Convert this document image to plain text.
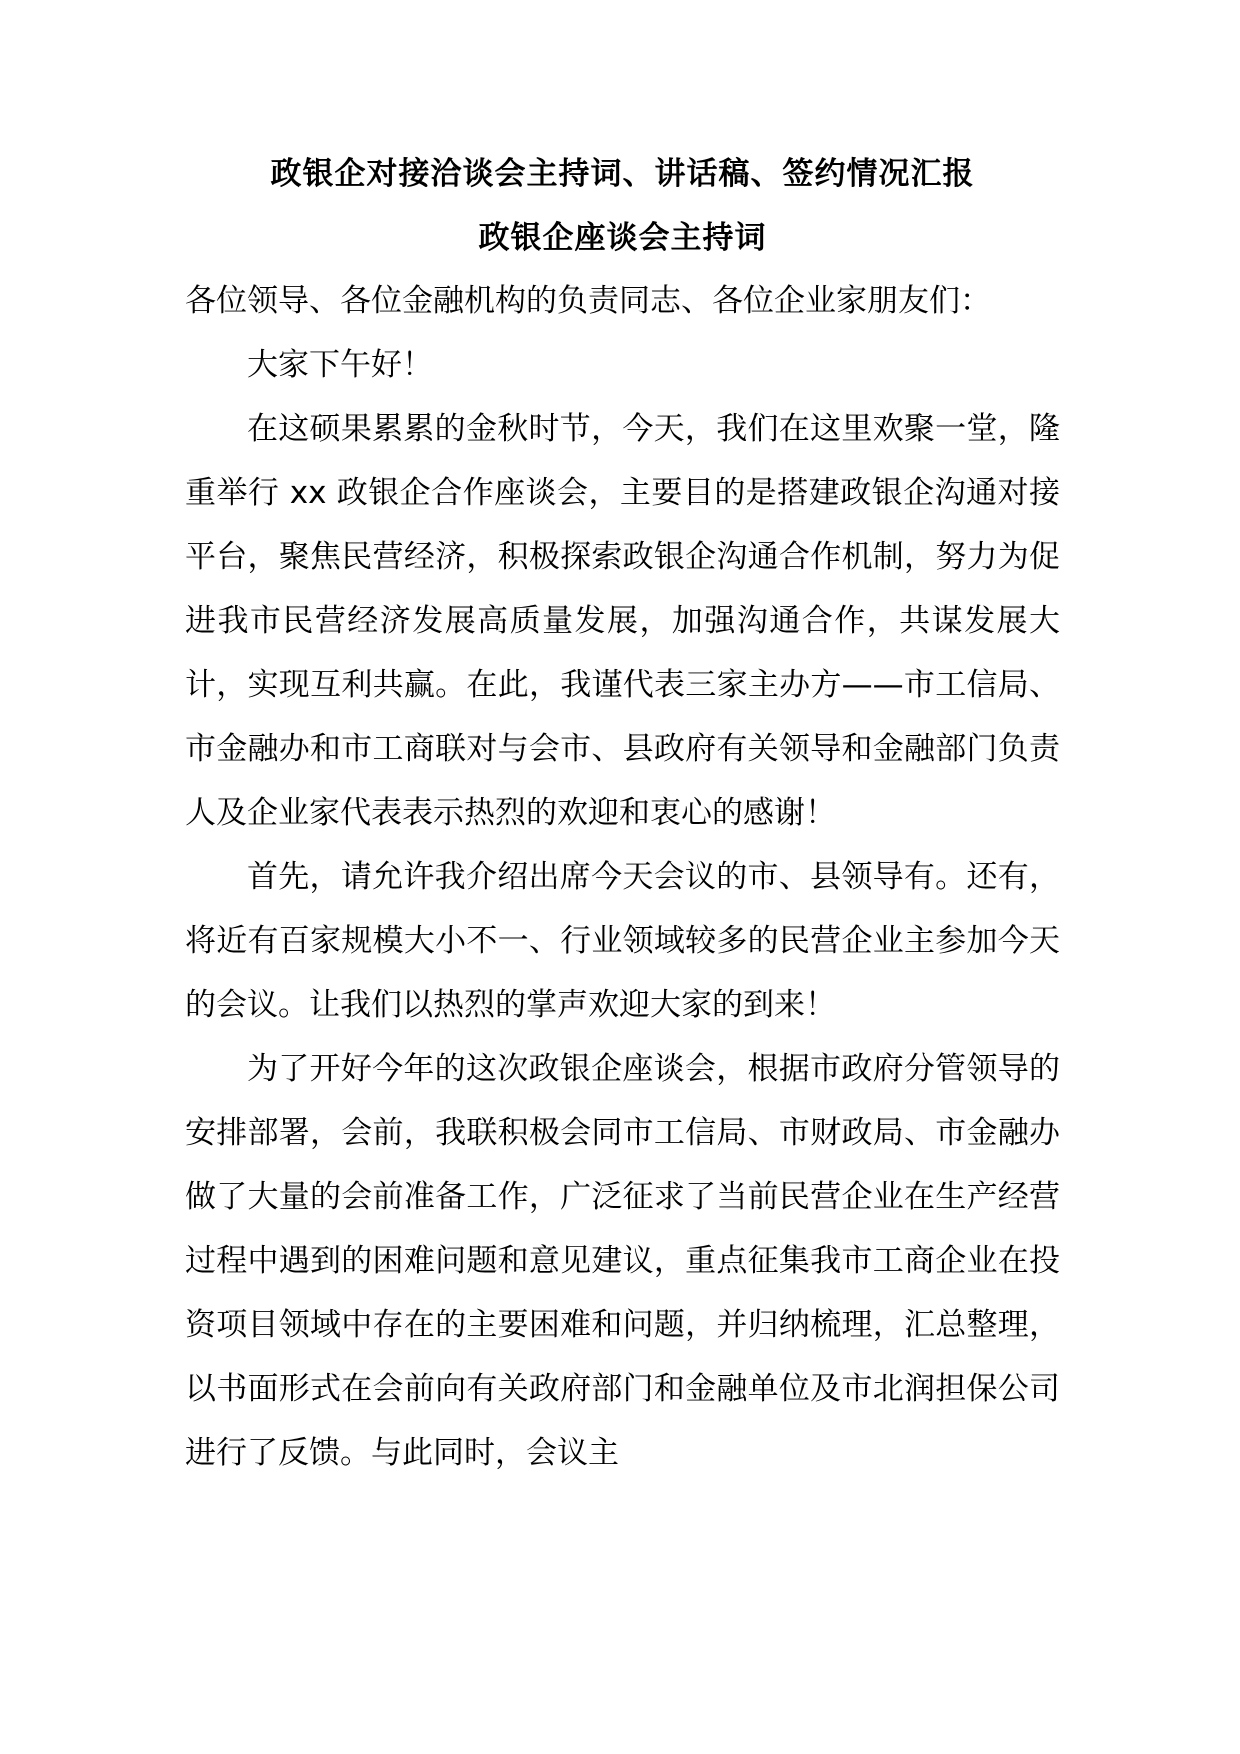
政银企对接洽谈会主持词、讲话稿、签约情况汇报
政银企座谈会主持词

各位领导、各位金融机构的负责同志、各位企业家朋友们：

大家下午好！

在这硕果累累的金秋时节，今天，我们在这里欢聚一堂，隆重举行 xx 政银企合作座谈会，主要目的是搭建政银企沟通对接平台，聚焦民营经济，积极探索政银企沟通合作机制，努力为促进我市民营经济发展高质量发展，加强沟通合作，共谋发展大计，实现互利共赢。在此，我谨代表三家主办方——市工信局、市金融办和市工商联对与会市、县政府有关领导和金融部门负责人及企业家代表表示热烈的欢迎和衷心的感谢！

首先，请允许我介绍出席今天会议的市、县领导有。还有，将近有百家规模大小不一、行业领域较多的民营企业主参加今天的会议。让我们以热烈的掌声欢迎大家的到来！

为了开好今年的这次政银企座谈会，根据市政府分管领导的安排部署，会前，我联积极会同市工信局、市财政局、市金融办做了大量的会前准备工作，广泛征求了当前民营企业在生产经营过程中遇到的困难问题和意见建议，重点征集我市工商企业在投资项目领域中存在的主要困难和问题，并归纳梳理，汇总整理，以书面形式在会前向有关政府部门和金融单位及市北润担保公司进行了反馈。与此同时，会议主
